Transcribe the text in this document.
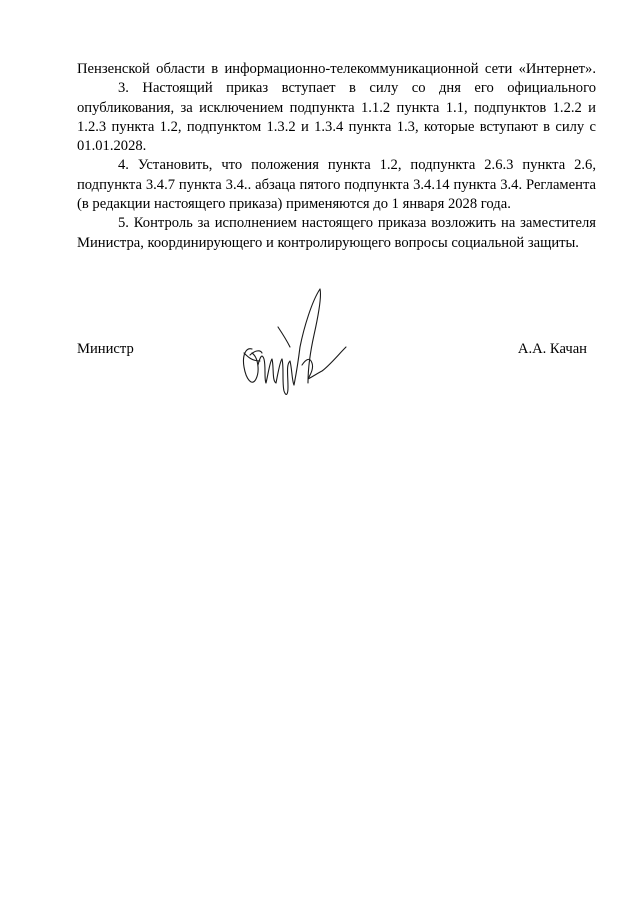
Пензенской области в информационно-телекоммуникационной сети «Интернет».

3. Настоящий приказ вступает в силу со дня его официального опубликования, за исключением подпункта 1.1.2 пункта 1.1, подпунктов 1.2.2 и 1.2.3 пункта 1.2, подпунктом 1.3.2 и 1.3.4 пункта 1.3, которые вступают в силу с 01.01.2028.

4. Установить, что положения пункта 1.2, подпункта 2.6.3 пункта 2.6, подпункта 3.4.7 пункта 3.4.. абзаца пятого подпункта 3.4.14 пункта 3.4. Регламента (в редакции настоящего приказа) применяются до 1 января 2028 года.

5. Контроль за исполнением настоящего приказа возложить на заместителя Министра, координирующего и контролирующего вопросы социальной защиты.

Министр	А.А. Качан
